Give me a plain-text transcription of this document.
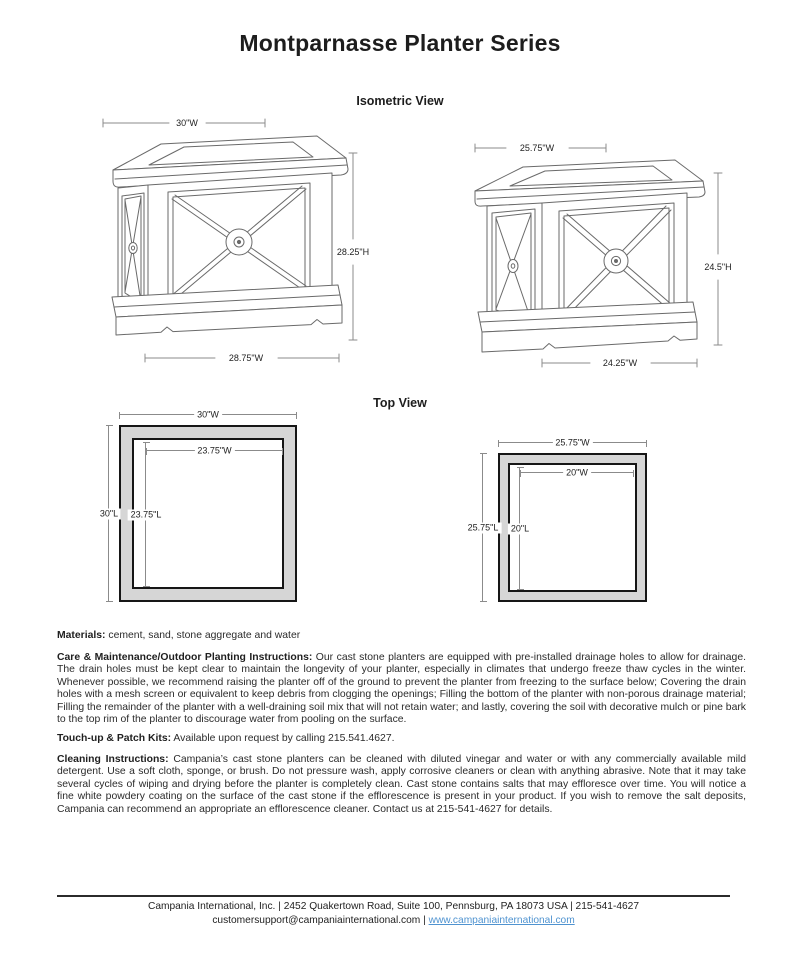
Montparnasse Planter Series
Isometric View
30"W
28.25"H
28.75"W
25.75"W
24.5"H
24.25"W
Top View
30"W
30"L
23.75"W
23.75"L
25.75"W
25.75"L
20"W
20"L
Materials: cement, sand, stone aggregate and water
Care & Maintenance/Outdoor Planting Instructions: Our cast stone planters are equipped with pre-installed drainage holes to allow for drainage. The drain holes must be kept clear to maintain the longevity of your planter, especially in climates that undergo freeze thaw cycles in the winter. Whenever possible, we recommend raising the planter off of the ground to prevent the planter from freezing to the surface below; Covering the drain holes with a mesh screen or equivalent to keep debris from clogging the openings; Filling the bottom of the planter with non-porous drainage material; Filling the remainder of the planter with a well-draining soil mix that will not retain water; and lastly, covering the soil with decorative mulch or pine bark to the top rim of the planter to discourage water from pooling on the surface.
Touch-up & Patch Kits: Available upon request by calling 215.541.4627.
Cleaning Instructions: Campania’s cast stone planters can be cleaned with diluted vinegar and water or with any commercially available mild detergent. Use a soft cloth, sponge, or brush. Do not pressure wash, apply corrosive cleaners or clean with anything abrasive. Note that it may take several cycles of wiping and drying before the planter is completely clean. Cast stone contains salts that may effloresce over time. You will notice a fine white powdery coating on the surface of the cast stone if the efflorescence is present in your product. If you wish to remove the salt deposits, Campania can recommend an appropriate an efflorescence cleaner. Contact us at 215-541-4627 for details.
Campania International, Inc. | 2452 Quakertown Road, Suite 100, Pennsburg, PA 18073 USA | 215-541-4627
customersupport@campaniainternational.com | www.campaniainternational.com
